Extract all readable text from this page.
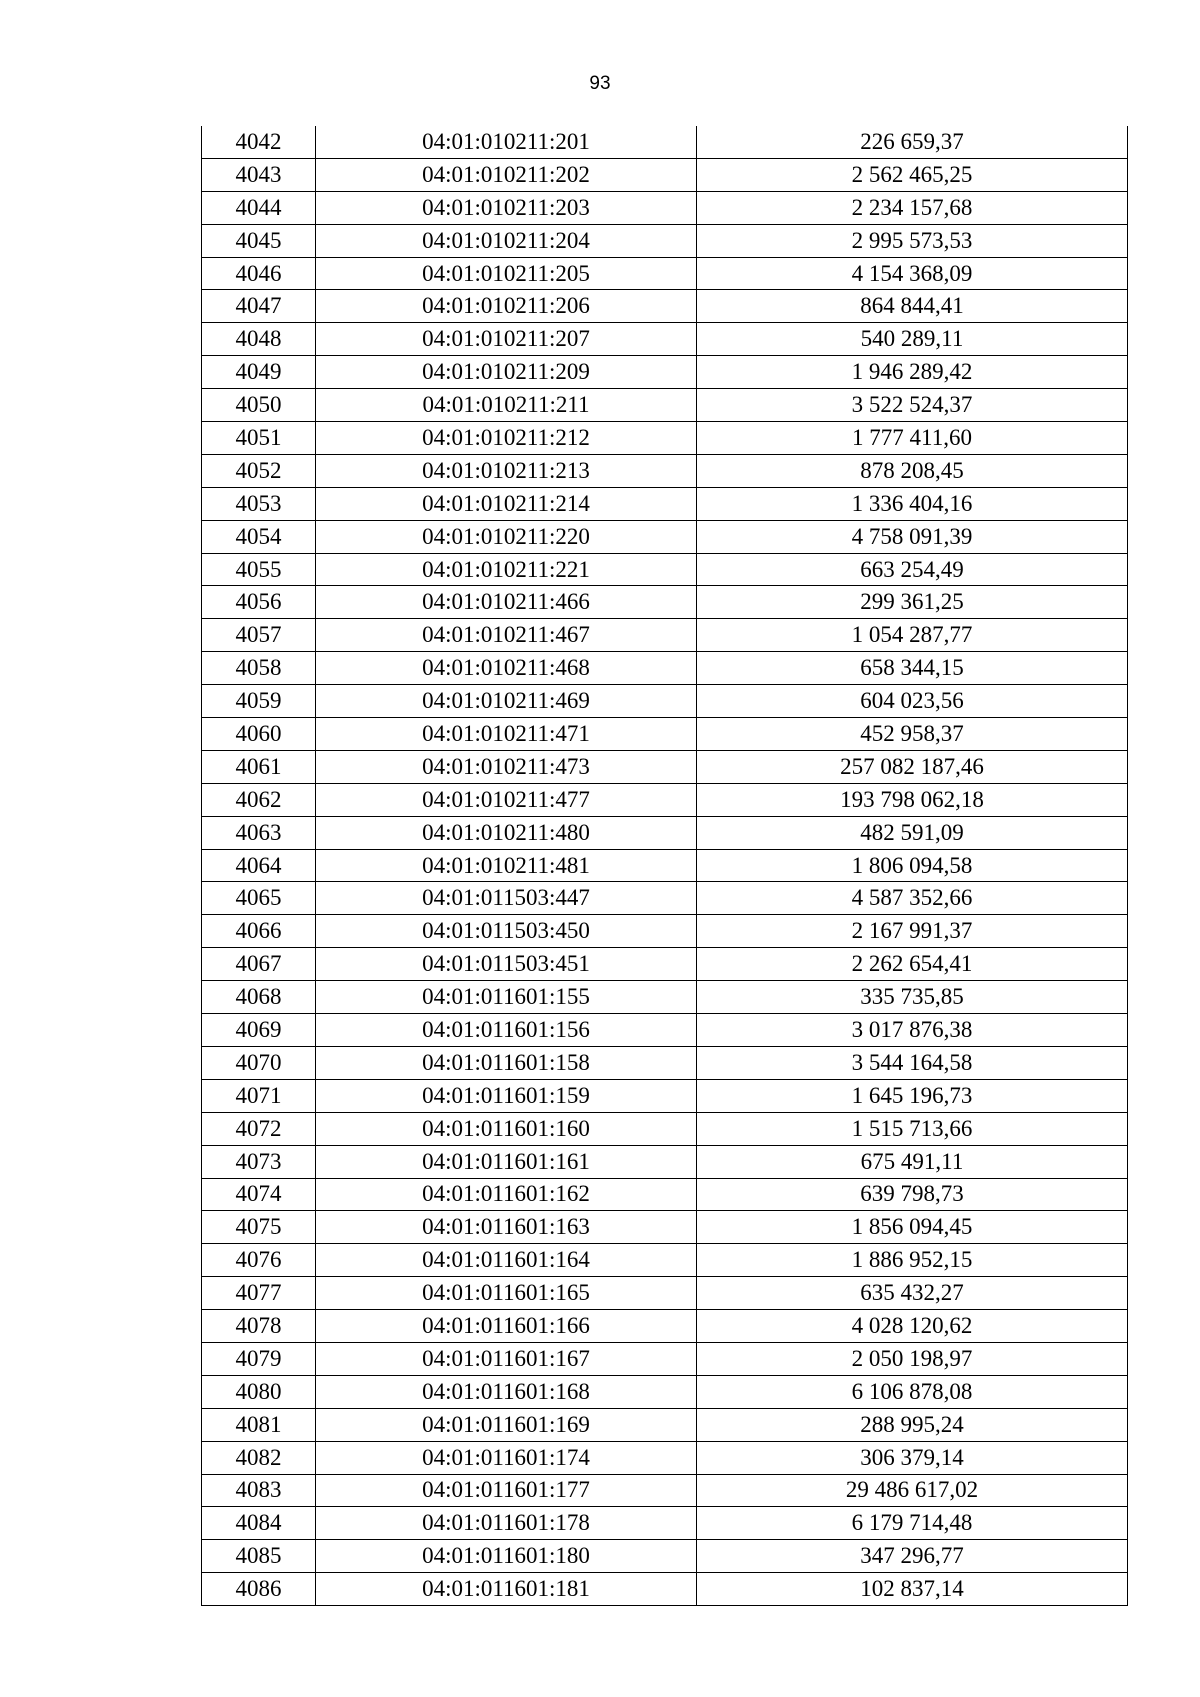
93
4042	04:01:010211:201	226 659,37
4043	04:01:010211:202	2 562 465,25
4044	04:01:010211:203	2 234 157,68
4045	04:01:010211:204	2 995 573,53
4046	04:01:010211:205	4 154 368,09
4047	04:01:010211:206	864 844,41
4048	04:01:010211:207	540 289,11
4049	04:01:010211:209	1 946 289,42
4050	04:01:010211:211	3 522 524,37
4051	04:01:010211:212	1 777 411,60
4052	04:01:010211:213	878 208,45
4053	04:01:010211:214	1 336 404,16
4054	04:01:010211:220	4 758 091,39
4055	04:01:010211:221	663 254,49
4056	04:01:010211:466	299 361,25
4057	04:01:010211:467	1 054 287,77
4058	04:01:010211:468	658 344,15
4059	04:01:010211:469	604 023,56
4060	04:01:010211:471	452 958,37
4061	04:01:010211:473	257 082 187,46
4062	04:01:010211:477	193 798 062,18
4063	04:01:010211:480	482 591,09
4064	04:01:010211:481	1 806 094,58
4065	04:01:011503:447	4 587 352,66
4066	04:01:011503:450	2 167 991,37
4067	04:01:011503:451	2 262 654,41
4068	04:01:011601:155	335 735,85
4069	04:01:011601:156	3 017 876,38
4070	04:01:011601:158	3 544 164,58
4071	04:01:011601:159	1 645 196,73
4072	04:01:011601:160	1 515 713,66
4073	04:01:011601:161	675 491,11
4074	04:01:011601:162	639 798,73
4075	04:01:011601:163	1 856 094,45
4076	04:01:011601:164	1 886 952,15
4077	04:01:011601:165	635 432,27
4078	04:01:011601:166	4 028 120,62
4079	04:01:011601:167	2 050 198,97
4080	04:01:011601:168	6 106 878,08
4081	04:01:011601:169	288 995,24
4082	04:01:011601:174	306 379,14
4083	04:01:011601:177	29 486 617,02
4084	04:01:011601:178	6 179 714,48
4085	04:01:011601:180	347 296,77
4086	04:01:011601:181	102 837,14
